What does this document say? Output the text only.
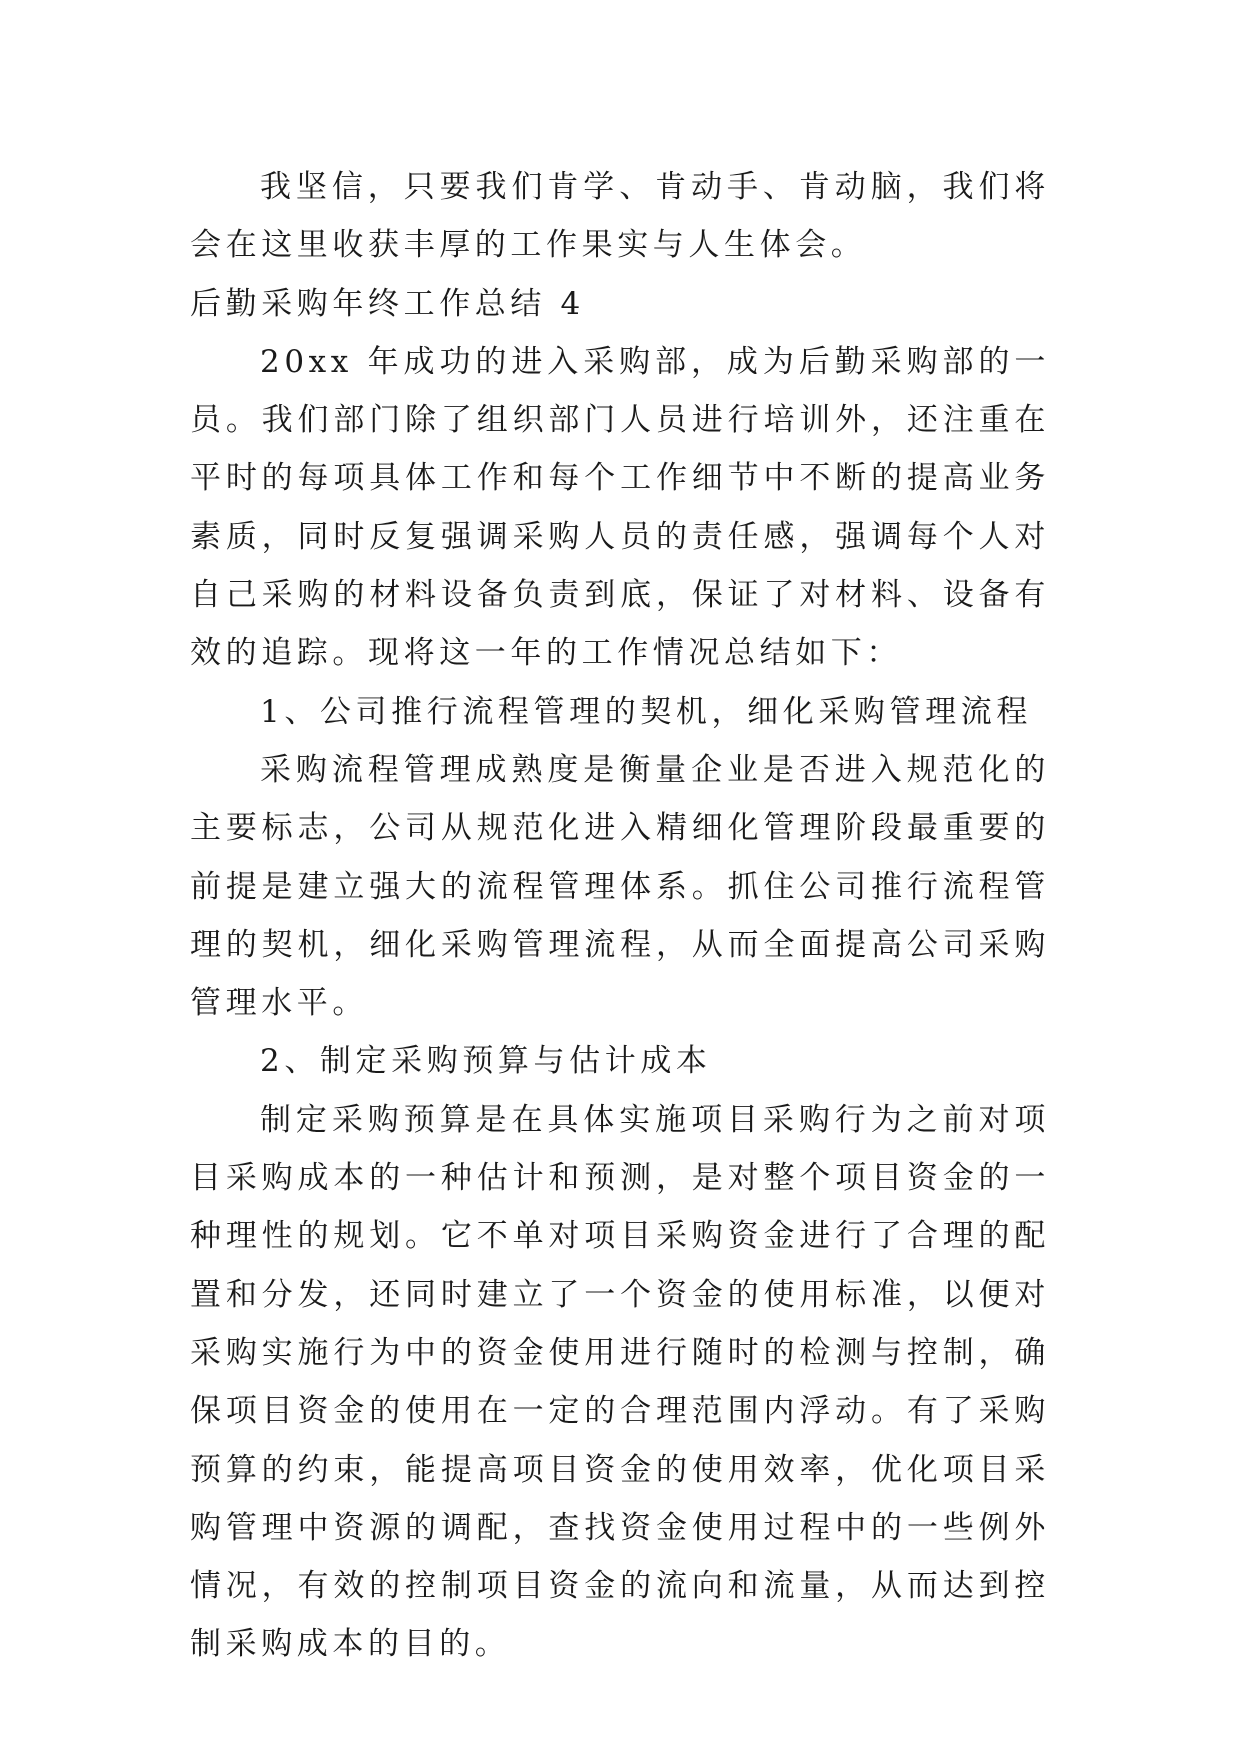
我坚信，只要我们肯学、肯动手、肯动脑，我们将会在这里收获丰厚的工作果实与人生体会。

后勤采购年终工作总结 4

20xx 年成功的进入采购部，成为后勤采购部的一员。我们部门除了组织部门人员进行培训外，还注重在平时的每项具体工作和每个工作细节中不断的提高业务素质，同时反复强调采购人员的责任感，强调每个人对自己采购的材料设备负责到底，保证了对材料、设备有效的追踪。现将这一年的工作情况总结如下：

1、公司推行流程管理的契机，细化采购管理流程

采购流程管理成熟度是衡量企业是否进入规范化的主要标志，公司从规范化进入精细化管理阶段最重要的前提是建立强大的流程管理体系。抓住公司推行流程管理的契机，细化采购管理流程，从而全面提高公司采购管理水平。

2、制定采购预算与估计成本

制定采购预算是在具体实施项目采购行为之前对项目采购成本的一种估计和预测，是对整个项目资金的一种理性的规划。它不单对项目采购资金进行了合理的配置和分发，还同时建立了一个资金的使用标准，以便对采购实施行为中的资金使用进行随时的检测与控制，确保项目资金的使用在一定的合理范围内浮动。有了采购预算的约束，能提高项目资金的使用效率，优化项目采购管理中资源的调配，查找资金使用过程中的一些例外情况，有效的控制项目资金的流向和流量，从而达到控制采购成本的目的。
